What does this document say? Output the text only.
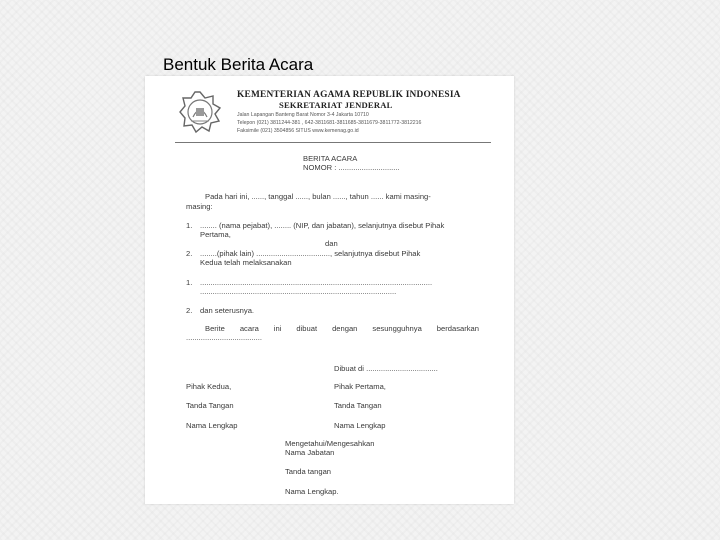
Bentuk Berita Acara
KEMENTERIAN AGAMA REPUBLIK INDONESIA
SEKRETARIAT JENDERAL
Jalan Lapangan Banteng Barat Nomor 3-4 Jakarta 10710
Telepon (021) 3811244-381 , 642-3811681-3811685-3811679-3811772-3812216
Faksimile (021) 3504856 SITUS www.kemenag.go.id
BERITA ACARA
NOMOR : .............................
Pada hari ini, ......, tanggal ......, bulan ......, tahun ...... kami masing-
masing:
1. ........ (nama pejabat), ........ (NIP, dan jabatan), selanjutnya disebut Pihak
Pertama,
dan
2. ........(pihak lain) ..................................., selanjutnya disebut Pihak
Kedua telah melaksanakan
1. ..............................................................................................................
.............................................................................................
2. dan seterusnya.
Berite acara ini dibuat dengan sesungguhnya berdasarkan
....................................
Dibuat di ..................................
Pihak Kedua,	Pihak Pertama,
Tanda Tangan	Tanda Tangan
Nama Lengkap	Nama Lengkap
Mengetahui/Mengesahkan
Nama Jabatan
Tanda tangan
Nama Lengkap.
